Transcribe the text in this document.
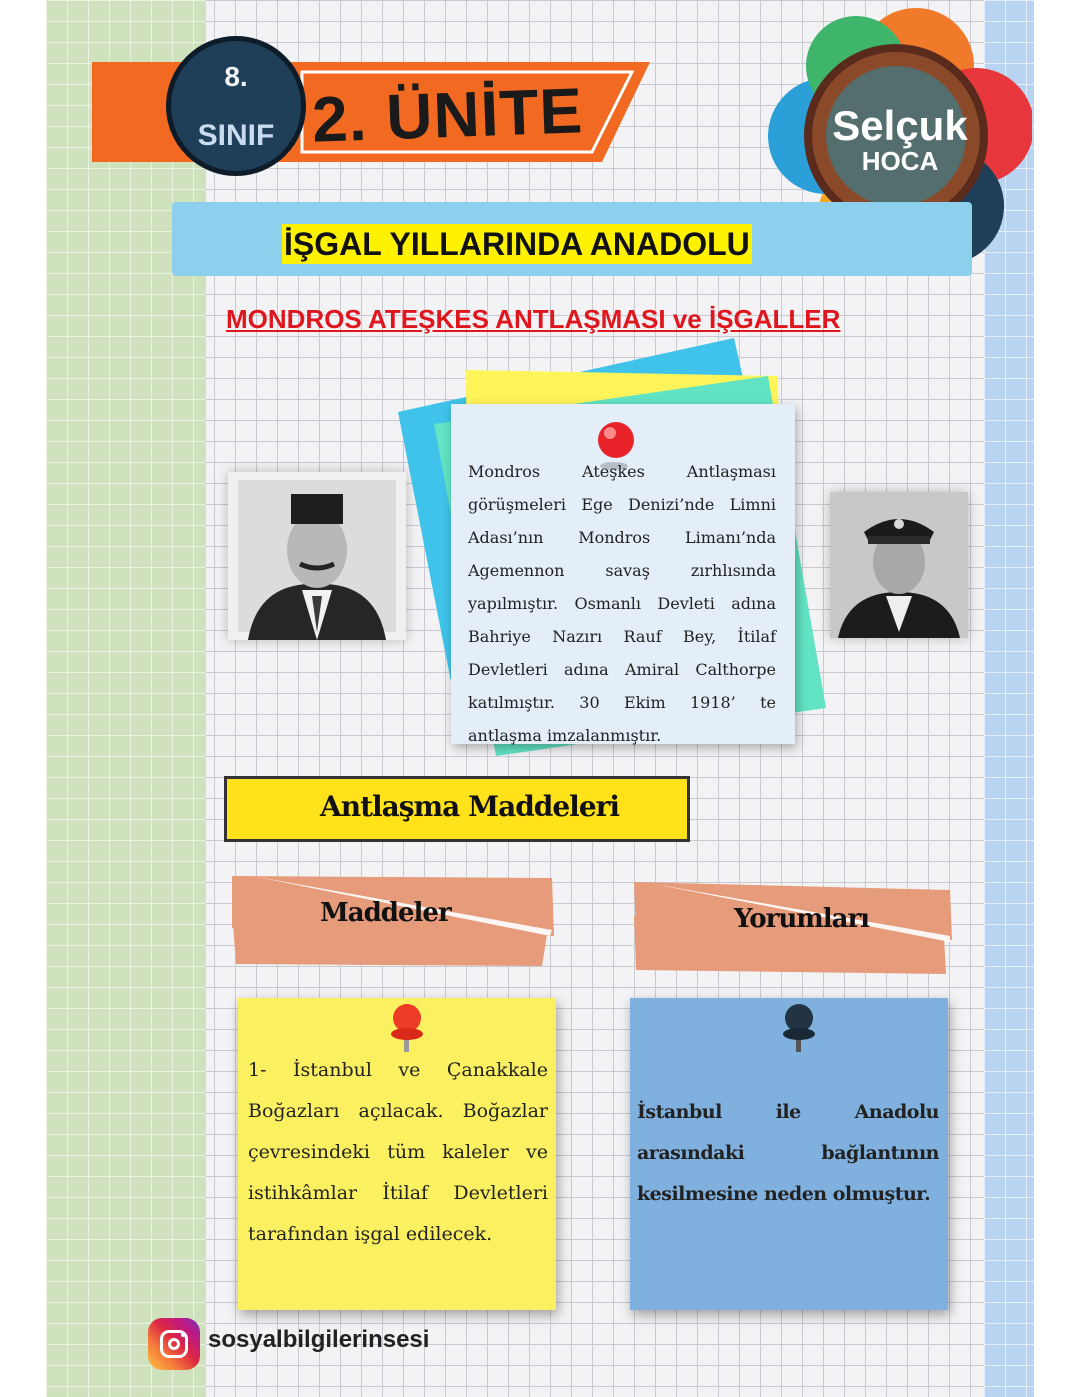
8.
SINIF 2. ÜNİTE	Selçuk
HOCA
İŞGAL YILLARINDA ANADOLU
MONDROS ATEŞKES ANTLAŞMASI ve İŞGALLER
Mondros Ateşkes Antlaşması görüşmeleri Ege Denizi’nde Limni Adası’nın Mondros Limanı’nda Agemennon savaş zırhlısında yapılmıştır. Osmanlı Devleti adına Bahriye Nazırı Rauf Bey, İtilaf Devletleri adına Amiral Calthorpe katılmıştır. 30 Ekim 1918’ te antlaşma imzalanmıştır.
Antlaşma Maddeleri
Maddeler	Yorumları
1- İstanbul ve Çanakkale Boğazları açılacak. Boğazlar çevresindeki tüm kaleler ve istihkâmlar İtilaf Devletleri tarafından işgal edilecek.
İstanbul ile Anadolu arasındaki bağlantının kesilmesine neden olmuştur.
sosyalbilgilerinsesi
